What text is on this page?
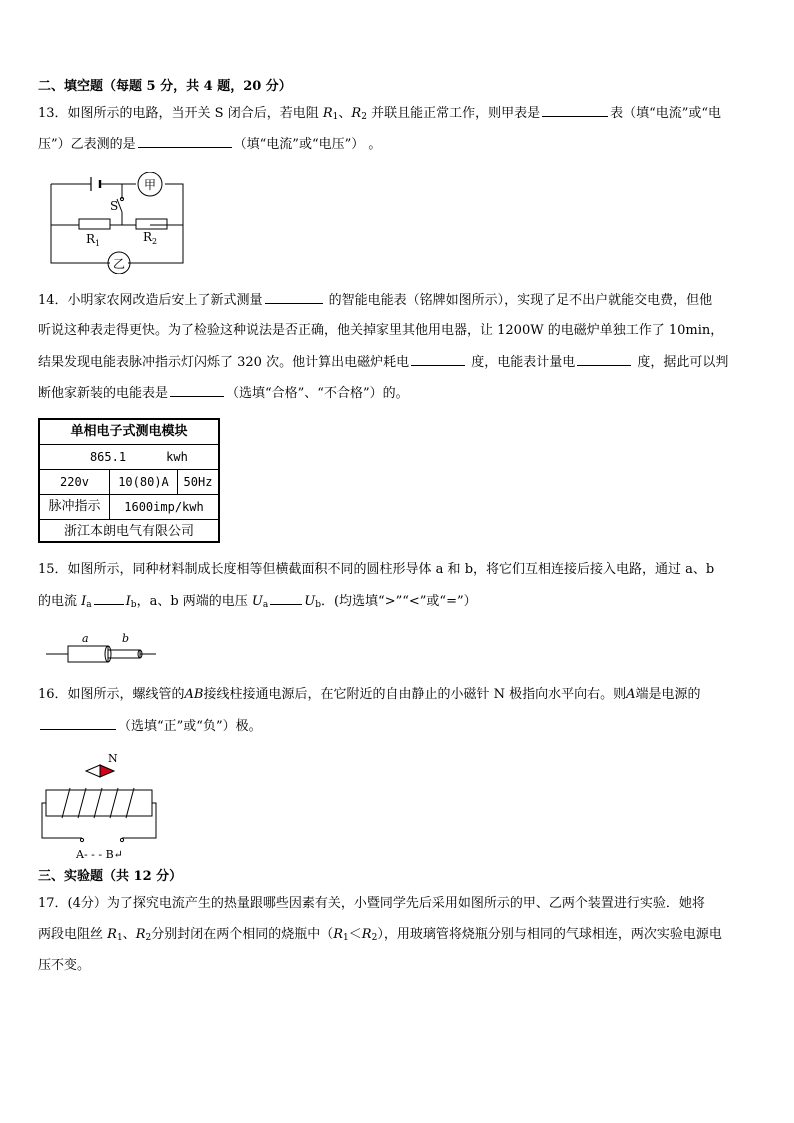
二、填空题（每题 5 分，共 4 题，20 分）
13．如图所示的电路，当开关 S 闭合后，若电阻 $R_1$、$R_2$ 并联且能正常工作，则甲表是	表（填“电流”或“电
压”）乙表测的是	（填“电流”或“电压”） 。
甲
乙
S
$R_1$	$R_2$
14．小明家农网改造后安上了新式测量	的智能电能表（铭牌如图所示），实现了足不出户就能交电费，但他
听说这种表走得更快。为了检验这种说法是否正确，他关掉家里其他用电器，让 1200W 的电磁炉单独工作了 10min，
结果发现电能表脉冲指示灯闪烁了 320 次。他计算出电磁炉耗电	度，电能表计量电	度，据此可以判
断他家新装的电能表是	（选填“合格”、“不合格”）的。
单相电子式测电模块
865.1	kwh
220v	10(80)A	50Hz
脉冲指示	1600imp/kwh
浙江本朗电气有限公司
15．如图所示，同种材料制成长度相等但横截面积不同的圆柱形导体 a 和 b，将它们互相连接后接入电路，通过 a、b
的电流 $I_a$	$I_b$，a、b 两端的电压 $U_a$	$U_b$．(均选填“>”“<”或“=”）
a	b
16．如图所示，螺线管的AB接线柱接通电源后，在它附近的自由静止的小磁针 N 极指向水平向右。则A端是电源的
（选填“正”或“负”）极。
N
A- - - B↵
三、实验题（共 12 分）
17．(4分）为了探究电流产生的热量跟哪些因素有关，小暨同学先后采用如图所示的甲、乙两个装置进行实验．她将
两段电阻丝 $R_1$、$R_2$分别封闭在两个相同的烧瓶中$(R_1<R_2)$，用玻璃管将烧瓶分别与相同的气球相连，两次实验电源电
压不变。
